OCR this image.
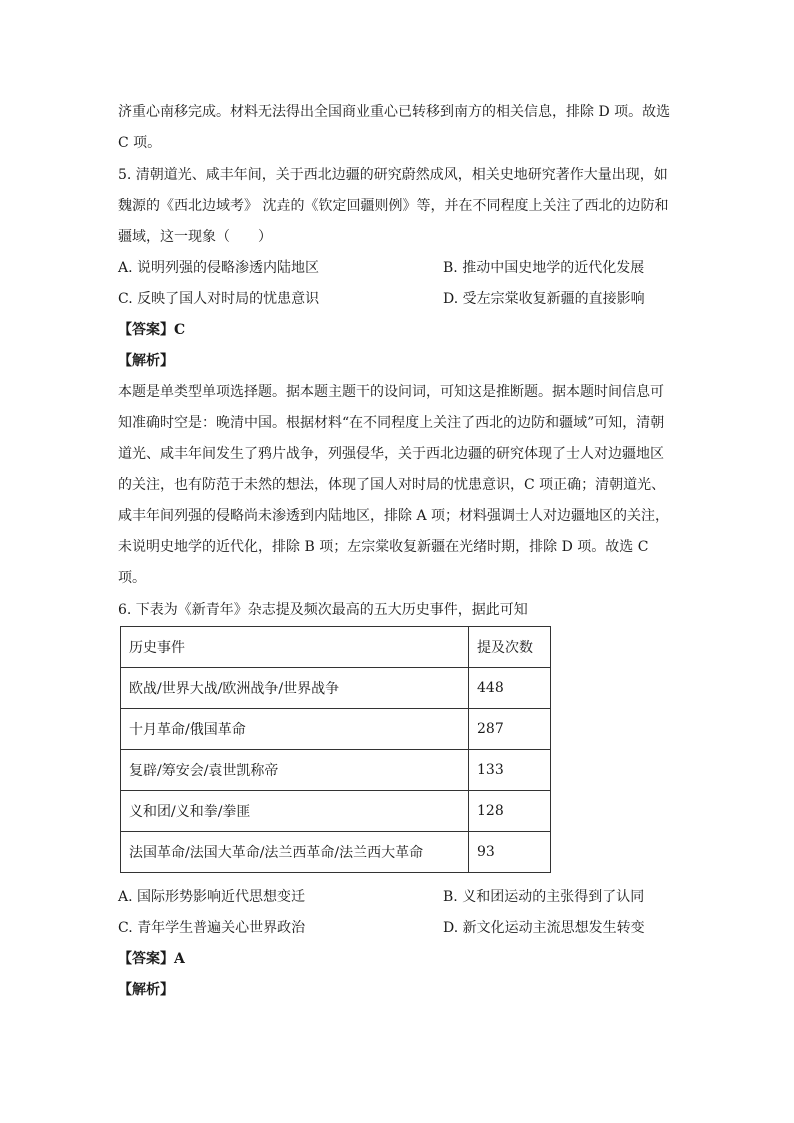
济重心南移完成。材料无法得出全国商业重心已转移到南方的相关信息，排除 D 项。故选
C 项。
5. 清朝道光、咸丰年间，关于西北边疆的研究蔚然成风，相关史地研究著作大量出现，如
魏源的《西北边域考》 沈垚的《钦定回疆则例》等，并在不同程度上关注了西北的边防和
疆域，这一现象（　　）
A. 说明列强的侵略渗透内陆地区	B. 推动中国史地学的近代化发展
C. 反映了国人对时局的忧患意识	D. 受左宗棠收复新疆的直接影响
【答案】C
【解析】
本题是单类型单项选择题。据本题主题干的设问词，可知这是推断题。据本题时间信息可
知准确时空是：晚清中国。根据材料“在不同程度上关注了西北的边防和疆域”可知，清朝
道光、咸丰年间发生了鸦片战争，列强侵华，关于西北边疆的研究体现了士人对边疆地区
的关注，也有防范于未然的想法，体现了国人对时局的忧患意识，C 项正确；清朝道光、
咸丰年间列强的侵略尚未渗透到内陆地区，排除 A 项；材料强调士人对边疆地区的关注，
未说明史地学的近代化，排除 B 项；左宗棠收复新疆在光绪时期，排除 D 项。故选 C
项。
6. 下表为《新青年》杂志提及频次最高的五大历史事件，据此可知
历史事件	提及次数
欧战/世界大战/欧洲战争/世界战争	448
十月革命/俄国革命	287
复辟/筹安会/袁世凯称帝	133
义和团/义和拳/拳匪	128
法国革命/法国大革命/法兰西革命/法兰西大革命	93
A. 国际形势影响近代思想变迁	B. 义和团运动的主张得到了认同
C. 青年学生普遍关心世界政治	D. 新文化运动主流思想发生转变
【答案】A
【解析】
